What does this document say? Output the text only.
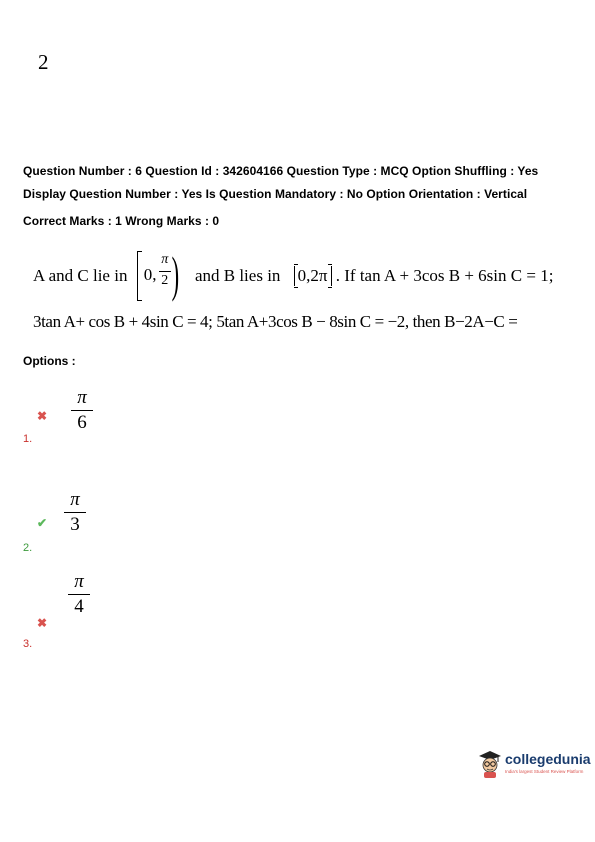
2
Question Number : 6 Question Id : 342604166 Question Type : MCQ Option Shuffling : Yes
Display Question Number : Yes Is Question Mandatory : No Option Orientation : Vertical
Correct Marks : 1 Wrong Marks : 0
A and C lie in 0,
π
2 ) and B lies in 0,2π . If tan A + 3cos B + 6sin C = 1;
3tan A+ cos B + 4sin C = 4; 5tan A+3cos B − 8sin C = −2, then B−2A−C =
Options :
✖
π
6
1.
✔
π
3
2.
✖
π
4
3.
collegedunia
India's largest Student Review Platform
